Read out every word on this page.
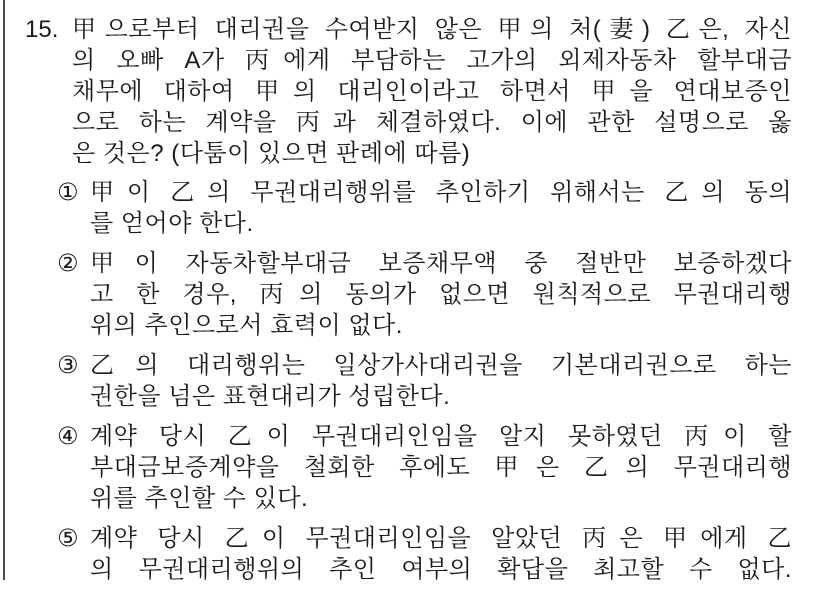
15. 甲으로부터 대리권을 수여받지 않은 甲의 처(妻) 乙은, 자신
의 오빠 A가 丙에게 부담하는 고가의 외제자동차 할부대금
채무에 대하여 甲의 대리인이라고 하면서 甲을 연대보증인
으로 하는 계약을 丙과 체결하였다. 이에 관한 설명으로 옳
은 것은? (다툼이 있으면 판례에 따름)
① 甲이 乙의 무권대리행위를 추인하기 위해서는 乙의 동의
를 얻어야 한다.
② 甲이 자동차할부대금 보증채무액 중 절반만 보증하겠다
고 한 경우, 丙의 동의가 없으면 원칙적으로 무권대리행
위의 추인으로서 효력이 없다.
③ 乙의 대리행위는 일상가사대리권을 기본대리권으로 하는
권한을 넘은 표현대리가 성립한다.
④ 계약 당시 乙이 무권대리인임을 알지 못하였던 丙이 할
부대금보증계약을 철회한 후에도 甲은 乙의 무권대리행
위를 추인할 수 있다.
⑤ 계약 당시 乙이 무권대리인임을 알았던 丙은 甲에게 乙
의 무권대리행위의 추인 여부의 확답을 최고할 수 없다.
